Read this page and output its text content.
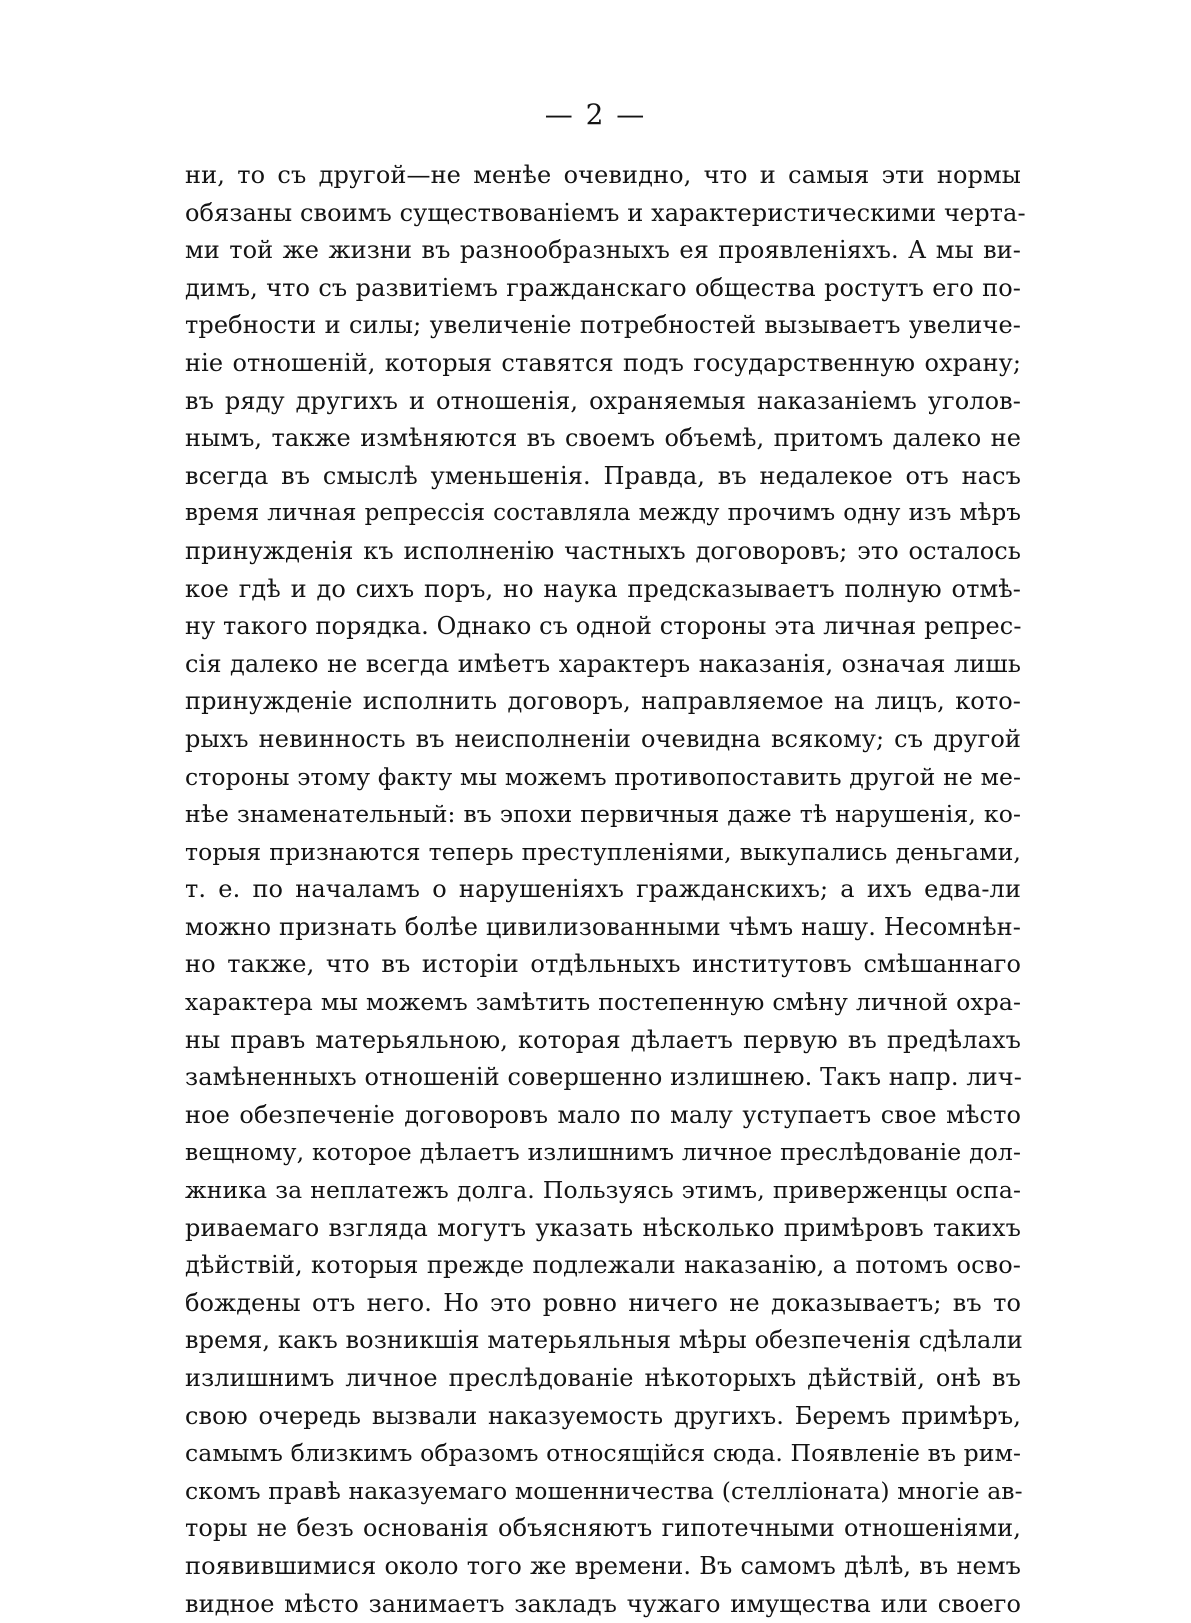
— 2 —
ни, то съ другой—не менѣе очевидно, что и самыя эти нормы
обязаны своимъ существованіемъ и характеристическими черта-
ми той же жизни въ разнообразныхъ ея проявленіяхъ. А мы ви-
димъ, что съ развитіемъ гражданскаго общества ростутъ его по-
требности и силы; увеличеніе потребностей вызываетъ увеличе-
ніе отношеній, которыя ставятся подъ государственную охрану;
въ ряду другихъ и отношенія, охраняемыя наказаніемъ уголов-
нымъ, также измѣняются въ своемъ объемѣ, притомъ далеко не
всегда въ смыслѣ уменьшенія. Правда, въ недалекое отъ насъ
время личная репрессія составляла между прочимъ одну изъ мѣръ
принужденія къ исполненію частныхъ договоровъ; это осталось
кое гдѣ и до сихъ поръ, но наука предсказываетъ полную отмѣ-
ну такого порядка. Однако съ одной стороны эта личная репрес-
сія далеко не всегда имѣетъ характеръ наказанія, означая лишь
принужденіе исполнить договоръ, направляемое на лицъ, кото-
рыхъ невинность въ неисполненіи очевидна всякому; съ другой
стороны этому факту мы можемъ противопоставить другой не ме-
нѣе знаменательный: въ эпохи первичныя даже тѣ нарушенія, ко-
торыя признаются теперь преступленіями, выкупались деньгами,
т. е. по началамъ о нарушеніяхъ гражданскихъ; а ихъ едва-ли
можно признать болѣе цивилизованными чѣмъ нашу. Несомнѣн-
но также, что въ исторіи отдѣльныхъ институтовъ смѣшаннаго
характера мы можемъ замѣтить постепенную смѣну личной охра-
ны правъ матерьяльною, которая дѣлаетъ первую въ предѣлахъ
замѣненныхъ отношеній совершенно излишнею. Такъ напр. лич-
ное обезпеченіе договоровъ мало по малу уступаетъ свое мѣсто
вещному, которое дѣлаетъ излишнимъ личное преслѣдованіе дол-
жника за неплатежъ долга. Пользуясь этимъ, приверженцы оспа-
риваемаго взгляда могутъ указать нѣсколько примѣровъ такихъ
дѣйствій, которыя прежде подлежали наказанію, а потомъ осво-
бождены отъ него. Но это ровно ничего не доказываетъ; въ то
время, какъ возникшія матерьяльныя мѣры обезпеченія сдѣлали
излишнимъ личное преслѣдованіе нѣкоторыхъ дѣйствій, онѣ въ
свою очередь вызвали наказуемость другихъ. Беремъ примѣръ,
самымъ близкимъ образомъ относящійся сюда. Появленіе въ рим-
скомъ правѣ наказуемаго мошенничества (стелліоната) многіе ав-
торы не безъ основанія объясняютъ гипотечными отношеніями,
появившимися около того же времени. Въ самомъ дѣлѣ, въ немъ
видное мѣсто занимаетъ закладъ чужаго имущества или своего
